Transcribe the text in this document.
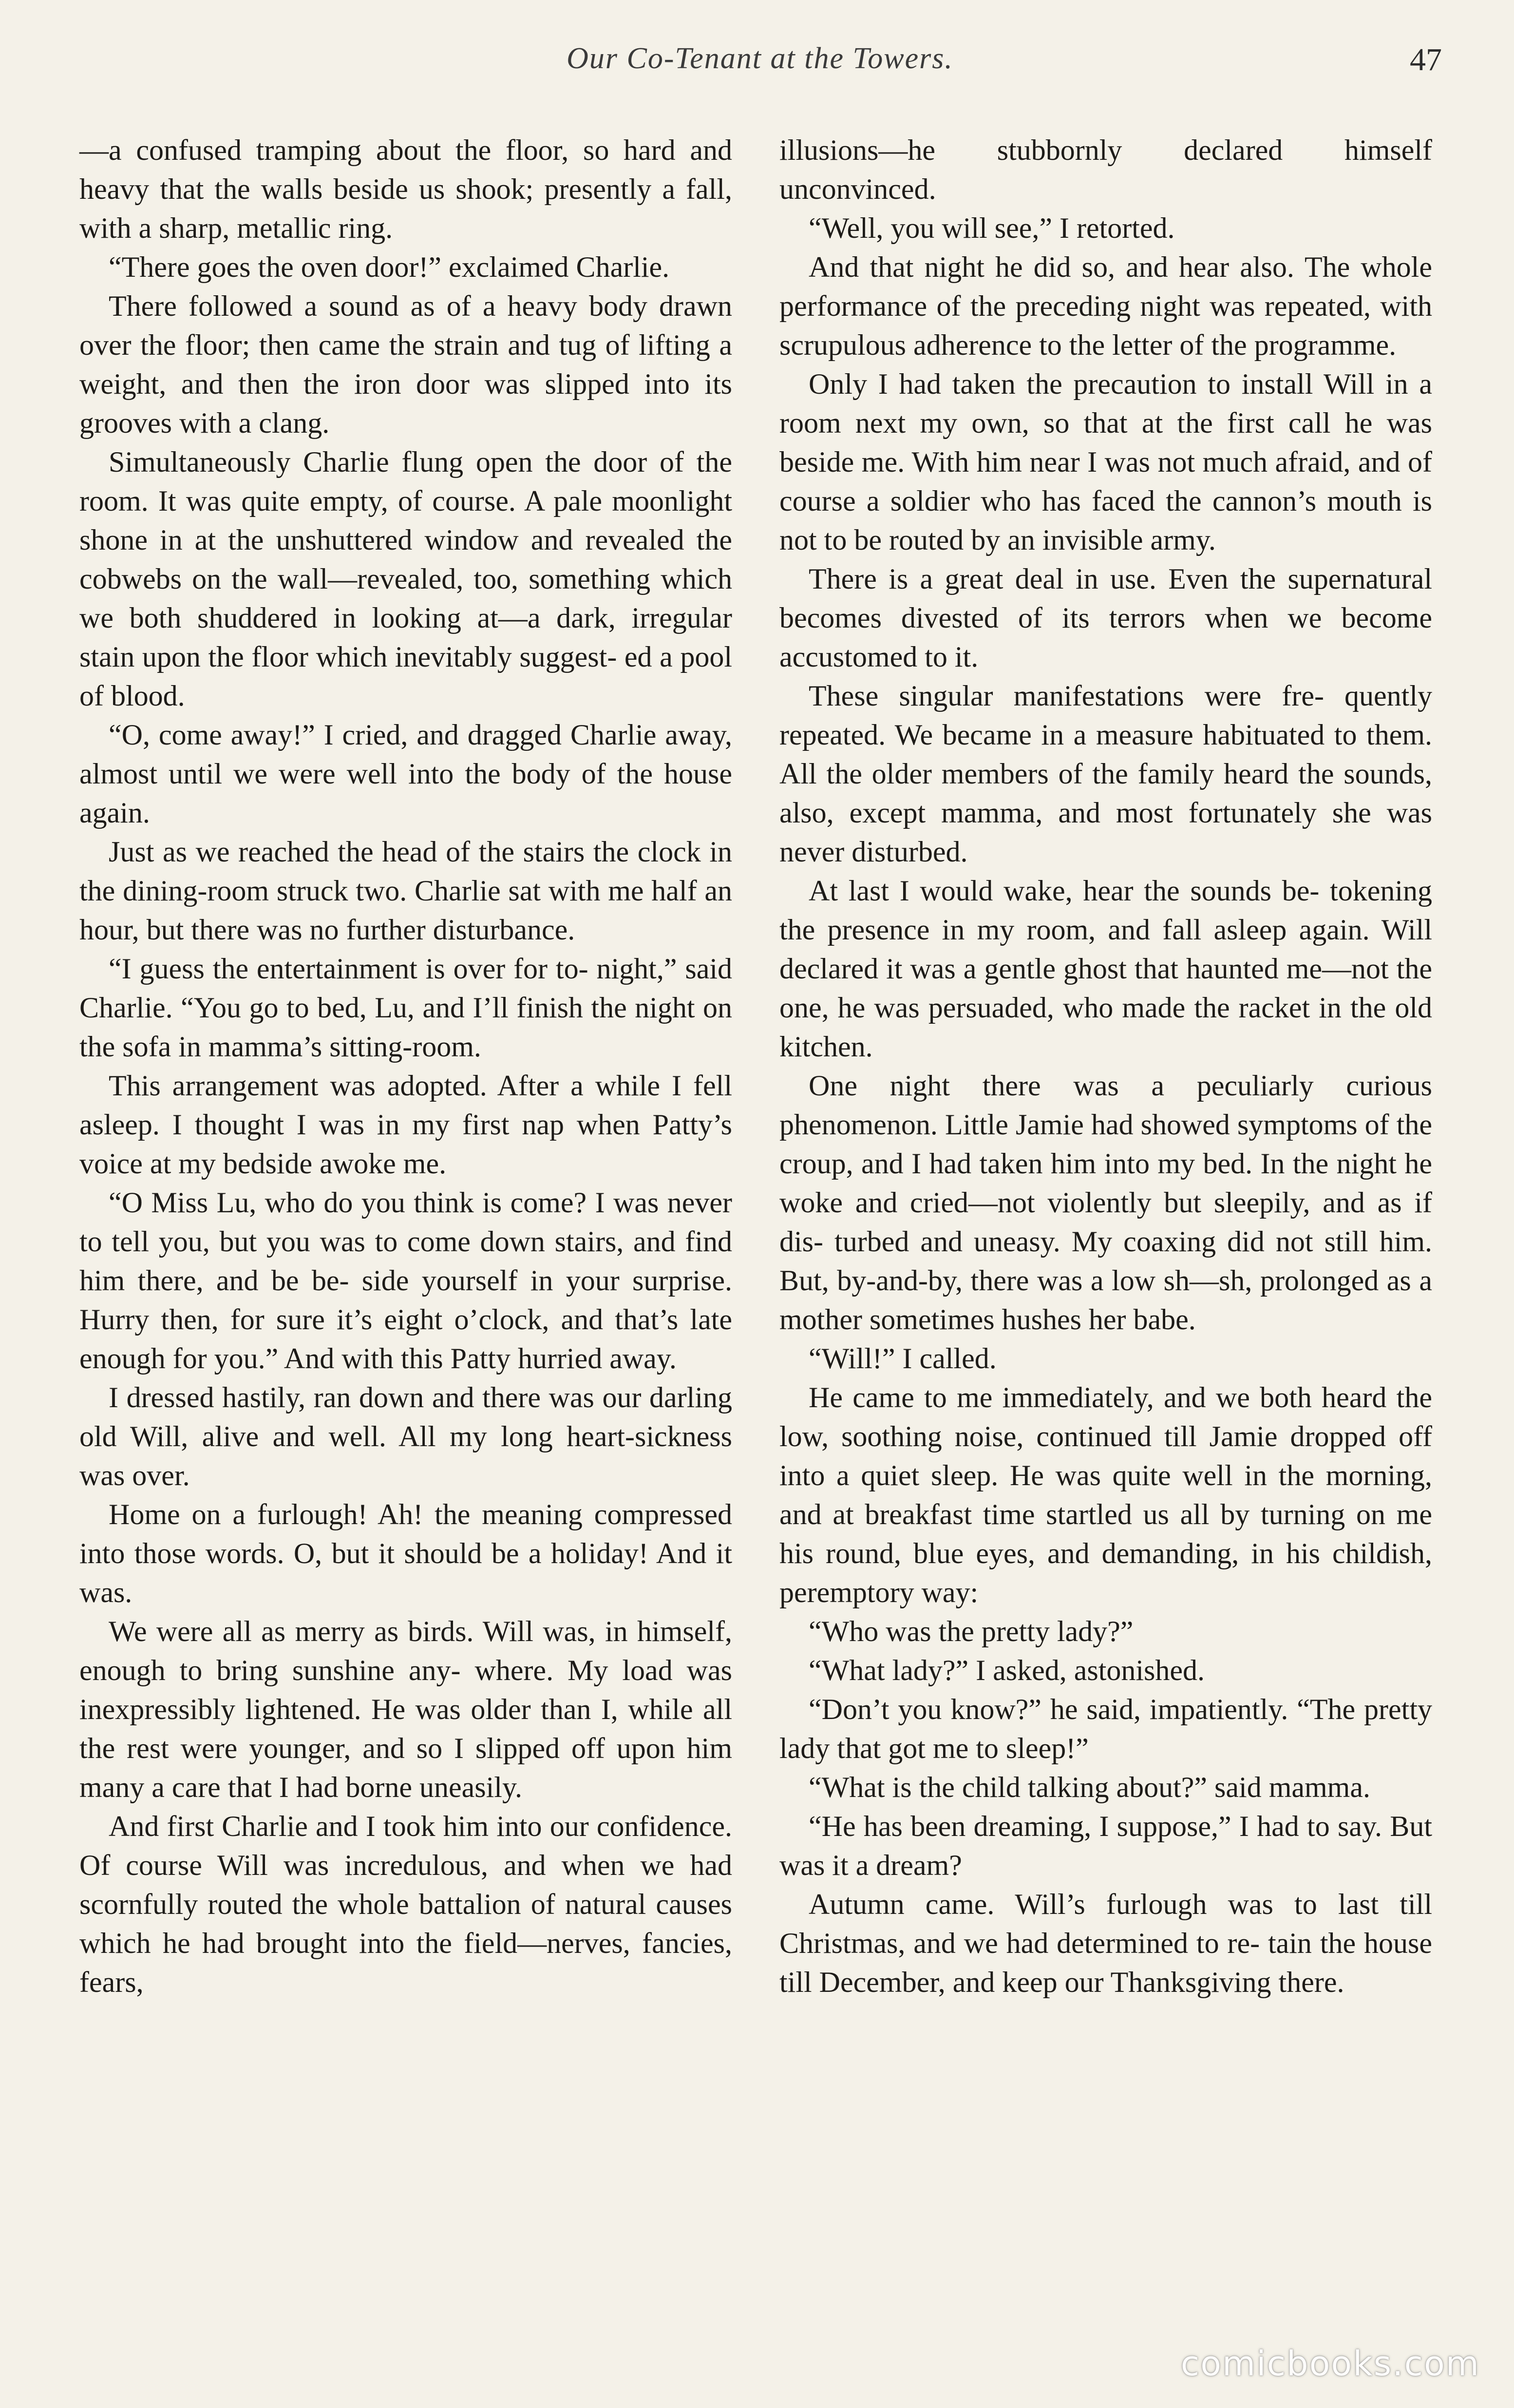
Our Co-Tenant at the Towers.	47

—a confused tramping about the floor, so hard and heavy that the walls beside us shook; presently a fall, with a sharp, metallic ring.

“There goes the oven door!” exclaimed Charlie.

There followed a sound as of a heavy body drawn over the floor; then came the strain and tug of lifting a weight, and then the iron door was slipped into its grooves with a clang.

Simultaneously Charlie flung open the door of the room. It was quite empty, of course. A pale moonlight shone in at the unshuttered window and revealed the cobwebs on the wall—revealed, too, something which we both shuddered in looking at—a dark, irregular stain upon the floor which inevitably suggest- ed a pool of blood.

“O, come away!” I cried, and dragged Charlie away, almost until we were well into the body of the house again.

Just as we reached the head of the stairs the clock in the dining-room struck two. Charlie sat with me half an hour, but there was no further disturbance.

“I guess the entertainment is over for to- night,” said Charlie. “You go to bed, Lu, and I’ll finish the night on the sofa in mamma’s sitting-room.

This arrangement was adopted. After a while I fell asleep. I thought I was in my first nap when Patty’s voice at my bedside awoke me.

“O Miss Lu, who do you think is come? I was never to tell you, but you was to come down stairs, and find him there, and be be- side yourself in your surprise. Hurry then, for sure it’s eight o’clock, and that’s late enough for you.” And with this Patty hurried away.

I dressed hastily, ran down and there was our darling old Will, alive and well. All my long heart-sickness was over.

Home on a furlough! Ah! the meaning compressed into those words. O, but it should be a holiday! And it was.

We were all as merry as birds. Will was, in himself, enough to bring sunshine any- where. My load was inexpressibly lightened. He was older than I, while all the rest were younger, and so I slipped off upon him many a care that I had borne uneasily.

And first Charlie and I took him into our confidence. Of course Will was incredulous, and when we had scornfully routed the whole battalion of natural causes which he had brought into the field—nerves, fancies, fears,

illusions—he stubbornly declared himself unconvinced.

“Well, you will see,” I retorted.

And that night he did so, and hear also. The whole performance of the preceding night was repeated, with scrupulous adherence to the letter of the programme.

Only I had taken the precaution to install Will in a room next my own, so that at the first call he was beside me. With him near I was not much afraid, and of course a soldier who has faced the cannon’s mouth is not to be routed by an invisible army.

There is a great deal in use. Even the supernatural becomes divested of its terrors when we become accustomed to it.

These singular manifestations were fre- quently repeated. We became in a measure habituated to them. All the older members of the family heard the sounds, also, except mamma, and most fortunately she was never disturbed.

At last I would wake, hear the sounds be- tokening the presence in my room, and fall asleep again. Will declared it was a gentle ghost that haunted me—not the one, he was persuaded, who made the racket in the old kitchen.

One night there was a peculiarly curious phenomenon. Little Jamie had showed symptoms of the croup, and I had taken him into my bed. In the night he woke and cried—not violently but sleepily, and as if dis- turbed and uneasy. My coaxing did not still him. But, by-and-by, there was a low sh—sh, prolonged as a mother sometimes hushes her babe.

“Will!” I called.

He came to me immediately, and we both heard the low, soothing noise, continued till Jamie dropped off into a quiet sleep. He was quite well in the morning, and at breakfast time startled us all by turning on me his round, blue eyes, and demanding, in his childish, peremptory way:

“Who was the pretty lady?”

“What lady?” I asked, astonished.

“Don’t you know?” he said, impatiently. “The pretty lady that got me to sleep!”

“What is the child talking about?” said mamma.

“He has been dreaming, I suppose,” I had to say. But was it a dream?

Autumn came. Will’s furlough was to last till Christmas, and we had determined to re- tain the house till December, and keep our Thanksgiving there.

comicbooks.com
